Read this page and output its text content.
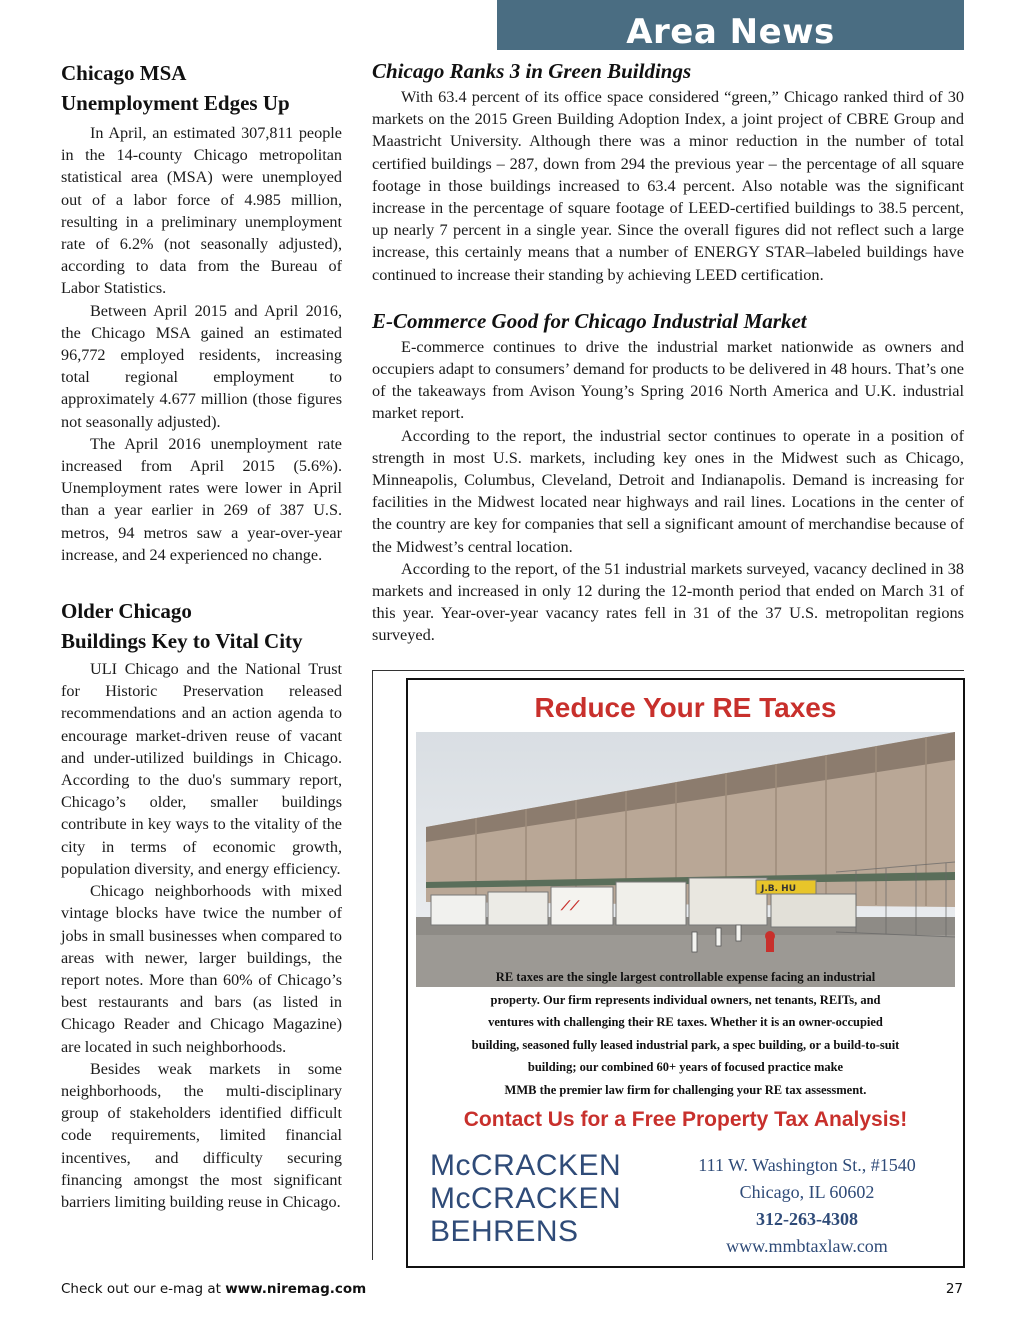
Area News
Chicago MSA
Unemployment Edges Up

In April, an estimated 307,811 people in the 14-county Chicago metropolitan statistical area (MSA) were unemployed out of a labor force of 4.985 million, resulting in a preliminary unemployment rate of 6.2% (not seasonally adjusted), according to data from the Bureau of Labor Statistics.

Between April 2015 and April 2016, the Chicago MSA gained an estimated 96,772 employed residents, increasing total regional employment to approximately 4.677 million (those figures not seasonally adjusted).

The April 2016 unemployment rate increased from April 2015 (5.6%). Unemployment rates were lower in April than a year earlier in 269 of 387 U.S. metros, 94 metros saw a year-over-year increase, and 24 experienced no change.

Older Chicago
Buildings Key to Vital City

ULI Chicago and the National Trust for Historic Preservation released recommendations and an action agenda to encourage market-driven reuse of vacant and under-utilized buildings in Chicago. According to the duo's summary report, Chicago’s older, smaller buildings contribute in key ways to the vitality of the city in terms of economic growth, population diversity, and energy efficiency.

Chicago neighborhoods with mixed vintage blocks have twice the number of jobs in small businesses when compared to areas with newer, larger buildings, the report notes. More than 60% of Chicago’s best restaurants and bars (as listed in Chicago Reader and Chicago Magazine) are located in such neighborhoods.

Besides weak markets in some neighborhoods, the multi-disciplinary group of stakeholders identified difficult code requirements, limited financial incentives, and difficulty securing financing amongst the most significant barriers limiting building reuse in Chicago.

Chicago Ranks 3 in Green Buildings

With 63.4 percent of its office space considered “green,” Chicago ranked third of 30 markets on the 2015 Green Building Adoption Index, a joint project of CBRE Group and Maastricht University. Although there was a minor reduction in the number of total certified buildings – 287, down from 294 the previous year – the percentage of all square footage in those buildings increased to 63.4 percent. Also notable was the significant increase in the percentage of square footage of LEED-certified buildings to 38.5 percent, up nearly 7 percent in a single year. Since the overall figures did not reflect such a large increase, this certainly means that a number of ENERGY STAR–labeled buildings have continued to increase their standing by achieving LEED certification.

E-Commerce Good for Chicago Industrial Market

E-commerce continues to drive the industrial market nationwide as owners and occupiers adapt to consumers’ demand for products to be delivered in 48 hours. That’s one of the takeaways from Avison Young’s Spring 2016 North America and U.K. industrial market report.

According to the report, the industrial sector continues to operate in a position of strength in most U.S. markets, including key ones in the Midwest such as Chicago, Minneapolis, Columbus, Cleveland, Detroit and Indianapolis. Demand is increasing for facilities in the Midwest located near highways and rail lines. Locations in the center of the country are key for companies that sell a significant amount of merchandise because of the Midwest’s central location.

According to the report, of the 51 industrial markets surveyed, vacancy declined in 38 markets and increased in only 12 during the 12-month period that ended on March 31 of this year. Year-over-year vacancy rates fell in 31 of the 37 U.S. metropolitan regions surveyed.

Reduce Your RE Taxes
⟋⟋
J.B. HU
RE taxes are the single largest controllable expense facing an industrial
property. Our firm represents individual owners, net tenants, REITs, and
ventures with challenging their RE taxes. Whether it is an owner-occupied
building, seasoned fully leased industrial park, a spec building, or a build-to-suit
building; our combined 60+ years of focused practice make
MMB the premier law firm for challenging your RE tax assessment.
Contact Us for a Free Property Tax Analysis!
McCRACKEN
McCRACKEN
BEHRENS
111 W. Washington St., #1540
Chicago, IL 60602
312-263-4308
www.mmbtaxlaw.com
Check out our e-mag at www.niremag.com	27
